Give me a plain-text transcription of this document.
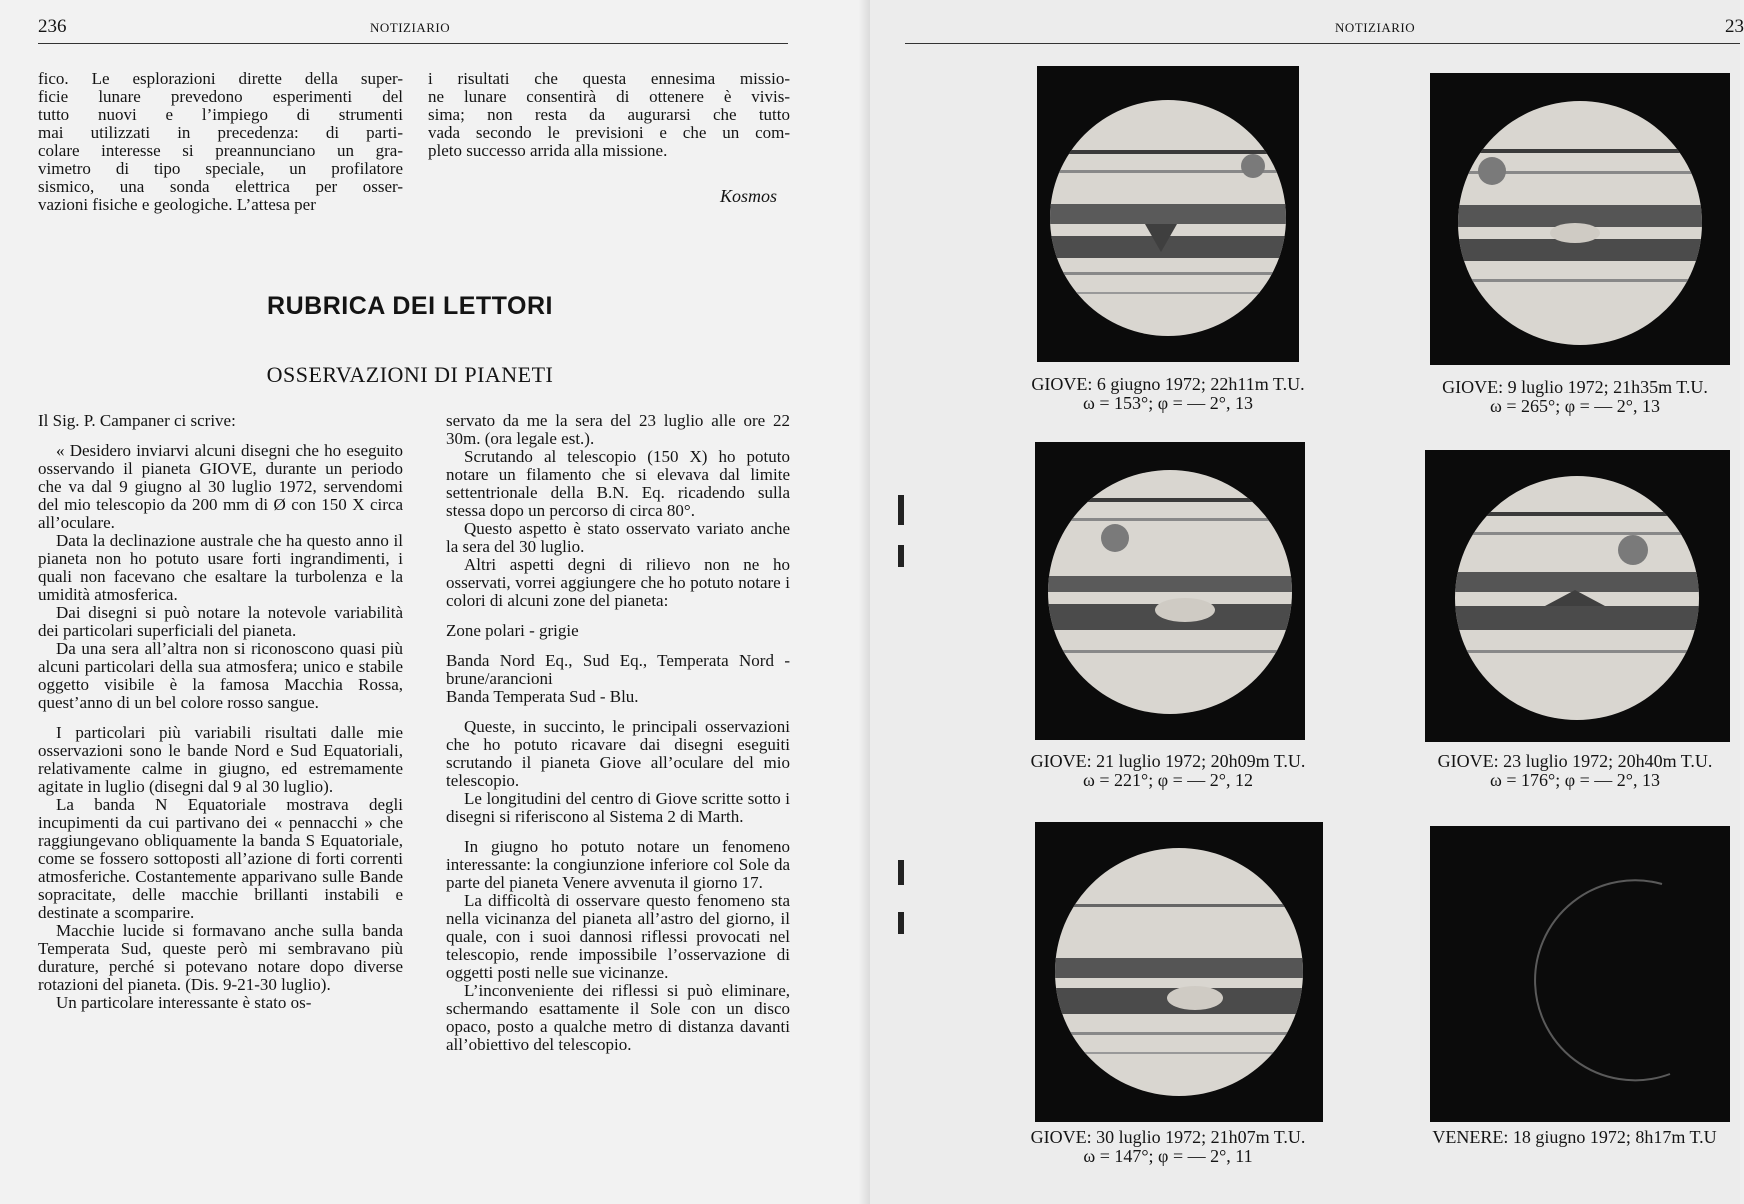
236	NOTIZIARIO
fico. Le esplorazioni dirette della super-
ficie lunare prevedono esperimenti del
tutto nuovi e l’impiego di strumenti
mai utilizzati in precedenza: di parti-
colare interesse si preannunciano un gra-
vimetro di tipo speciale, un profilatore
sismico, una sonda elettrica per osser-
vazioni fisiche e geologiche. L’attesa per
i risultati che questa ennesima missio-
ne lunare consentirà di ottenere è vivis-
sima; non resta da augurarsi che tutto
vada secondo le previsioni e che un com-
pleto successo arrida alla missione.
Kosmos
RUBRICA DEI LETTORI
OSSERVAZIONI DI PIANETI

Il Sig. P. Campaner ci scrive:

« Desidero inviarvi alcuni disegni che ho eseguito osservando il pianeta GIOVE, durante un periodo che va dal 9 giugno al 30 luglio 1972, servendomi del mio telescopio da 200 mm di Ø con 150 X circa all’oculare.

Data la declinazione australe che ha questo anno il pianeta non ho potuto usare forti ingrandimenti, i quali non facevano che esaltare la turbolenza e la umidità atmosferica.

Dai disegni si può notare la notevole variabilità dei particolari superficiali del pianeta.

Da una sera all’altra non si riconoscono quasi più alcuni particolari della sua atmosfera; unico e stabile oggetto visibile è la famosa Macchia Rossa, quest’anno di un bel colore rosso sangue.

I particolari più variabili risultati dalle mie osservazioni sono le bande Nord e Sud Equatoriali, relativamente calme in giugno, ed estremamente agitate in luglio (disegni dal 9 al 30 luglio).

La banda N Equatoriale mostrava degli incupimenti da cui partivano dei « pennacchi » che raggiungevano obliquamente la banda S Equatoriale, come se fossero sottoposti all’azione di forti correnti atmosferiche. Costantemente apparivano sulle Bande sopracitate, delle macchie brillanti instabili e destinate a scomparire.

Macchie lucide si formavano anche sulla banda Temperata Sud, queste però mi sembravano più durature, perché si potevano notare dopo diverse rotazioni del pianeta. (Dis. 9-21-30 luglio).

Un particolare interessante è stato os-

servato da me la sera del 23 luglio alle ore 22 30m. (ora legale est.).

Scrutando al telescopio (150 X) ho potuto notare un filamento che si elevava dal limite settentrionale della B.N. Eq. ricadendo sulla stessa dopo un percorso di circa 80°.

Questo aspetto è stato osservato variato anche la sera del 30 luglio.

Altri aspetti degni di rilievo non ne ho osservati, vorrei aggiungere che ho potuto notare i colori di alcuni zone del pianeta:

Zone polari - grigie

Banda Nord Eq., Sud Eq., Temperata Nord - brune/arancioni

Banda Temperata Sud - Blu.

Queste, in succinto, le principali osservazioni che ho potuto ricavare dai disegni eseguiti scrutando il pianeta Giove all’oculare del mio telescopio.

Le longitudini del centro di Giove scritte sotto i disegni si riferiscono al Sistema 2 di Marth.

In giugno ho potuto notare un fenomeno interessante: la congiunzione inferiore col Sole da parte del pianeta Venere avvenuta il giorno 17.

La difficoltà di osservare questo fenomeno sta nella vicinanza del pianeta all’astro del giorno, il quale, con i suoi dannosi riflessi provocati nel telescopio, rende impossibile l’osservazione di oggetti posti nelle sue vicinanze.

L’inconveniente dei riflessi si può eliminare, schermando esattamente il Sole con un disco opaco, posto a qualche metro di distanza davanti all’obiettivo del telescopio.

NOTIZIARIO	23
GIOVE: 6 giugno 1972; 22h11m T.U.
ω = 153°; φ = — 2°, 13
GIOVE: 9 luglio 1972; 21h35m T.U.
ω = 265°; φ = — 2°, 13
GIOVE: 21 luglio 1972; 20h09m T.U.
ω = 221°; φ = — 2°, 12
GIOVE: 23 luglio 1972; 20h40m T.U.
ω = 176°; φ = — 2°, 13
GIOVE: 30 luglio 1972; 21h07m T.U.
ω = 147°; φ = — 2°, 11
VENERE: 18 giugno 1972; 8h17m T.U
